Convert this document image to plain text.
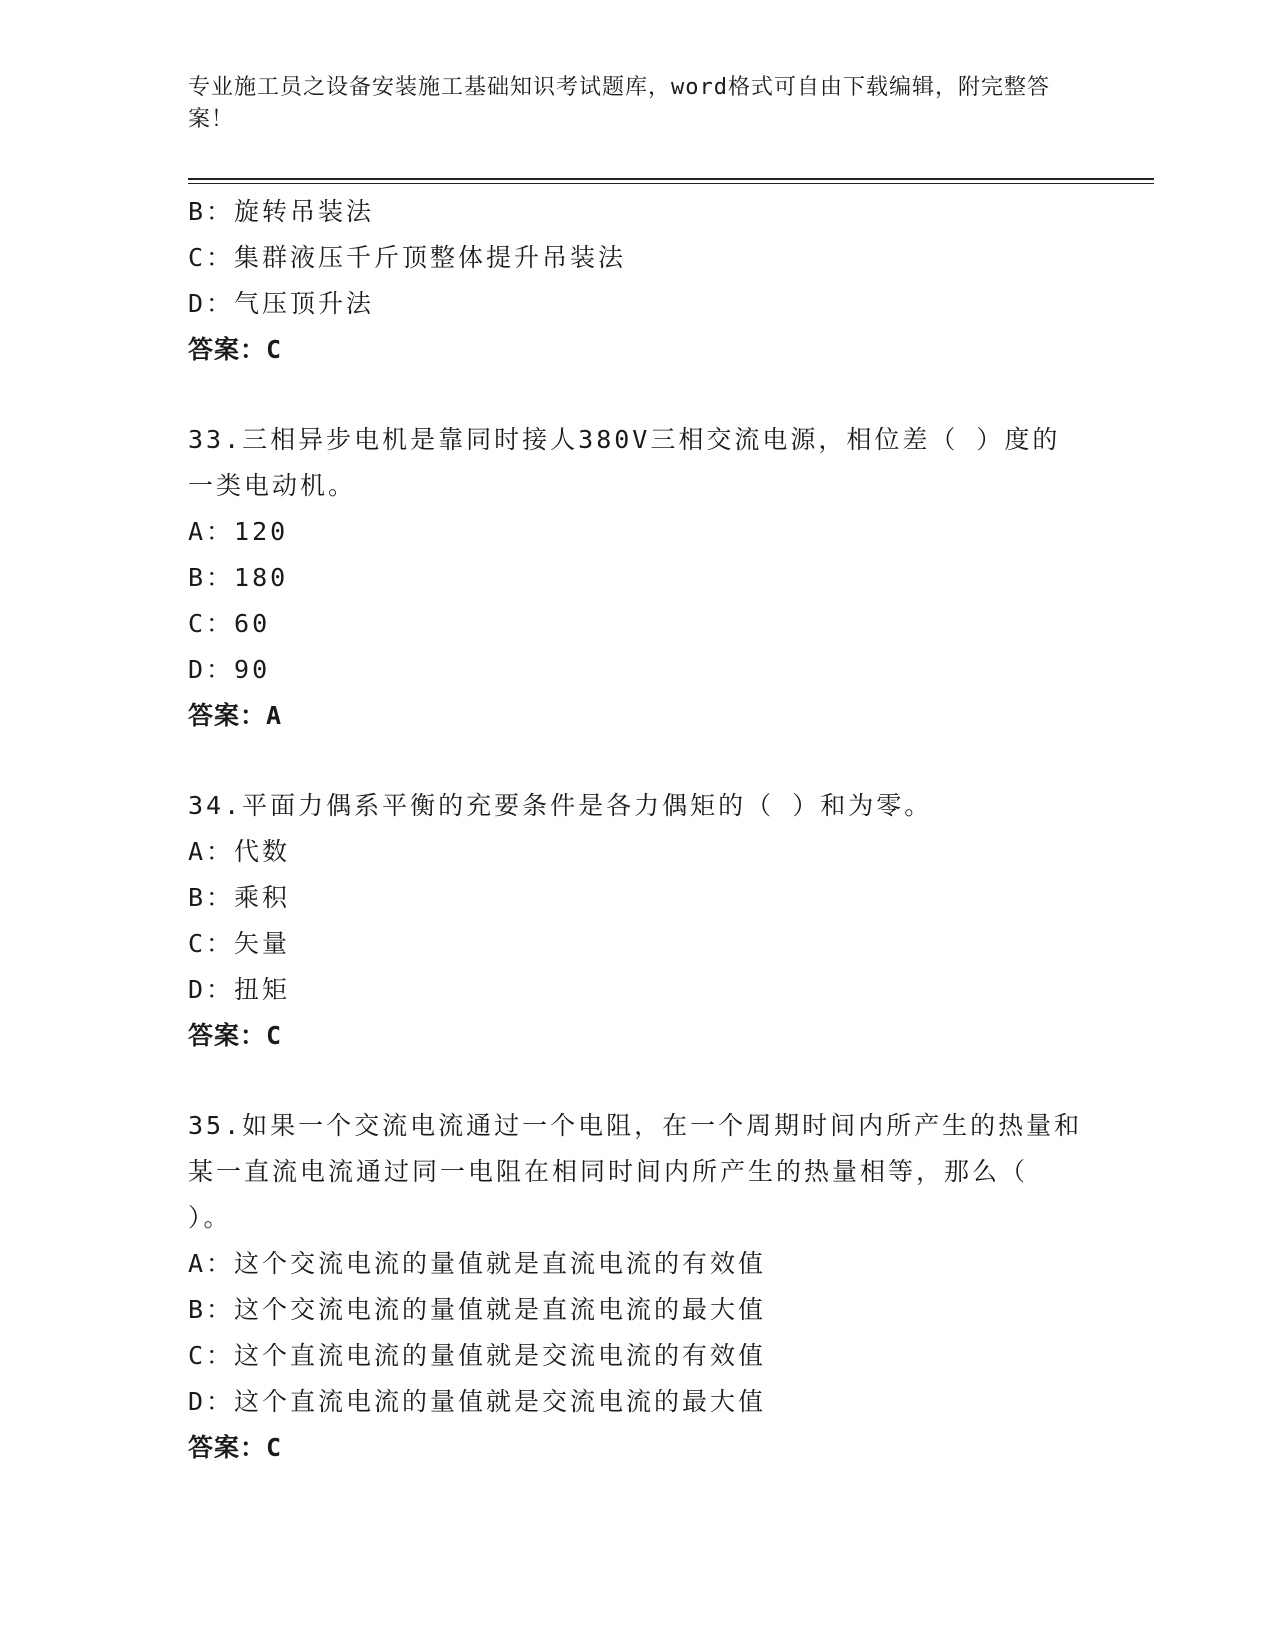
专业施工员之设备安装施工基础知识考试题库，word格式可自由下载编辑，附完整答案！
B：旋转吊装法
C：集群液压千斤顶整体提升吊装法
D：气压顶升法
答案：C
33.三相异步电机是靠同时接人380V三相交流电源，相位差（ ）度的一类电动机。
A：120
B：180
C：60
D：90
答案：A
34.平面力偶系平衡的充要条件是各力偶矩的（ ）和为零。
A：代数
B：乘积
C：矢量
D：扭矩
答案：C
35.如果一个交流电流通过一个电阻，在一个周期时间内所产生的热量和某一直流电流通过同一电阻在相同时间内所产生的热量相等，那么（ ）。
A：这个交流电流的量值就是直流电流的有效值
B：这个交流电流的量值就是直流电流的最大值
C：这个直流电流的量值就是交流电流的有效值
D：这个直流电流的量值就是交流电流的最大值
答案：C
